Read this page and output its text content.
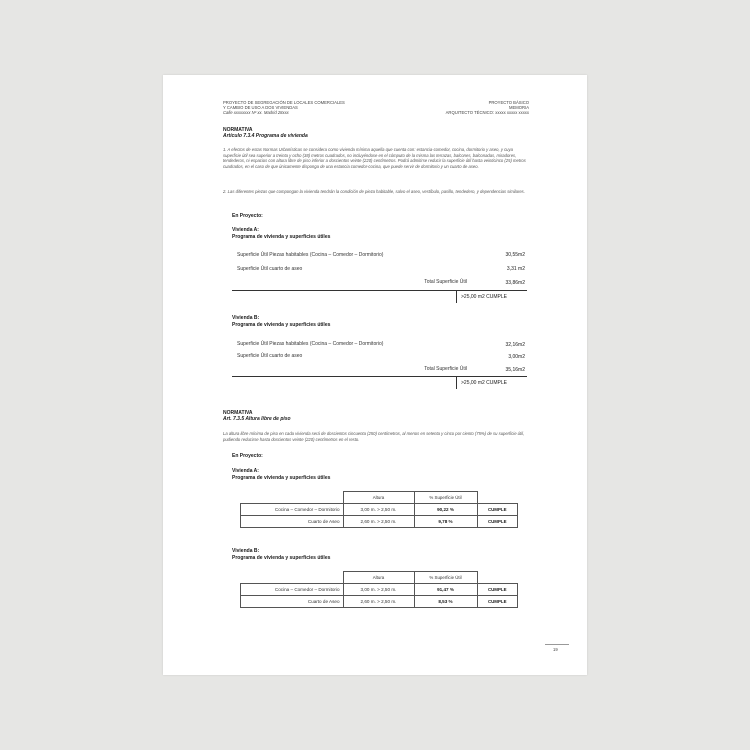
PROYECTO DE SEGREGACIÓN DE LOCALES COMERCIALES
Y CAMBIO DE USO A DOS VIVIENDAS
Calle xxxxxxxx Nº xx. Madrid 28xxx
PROYECTO BÁSICO
MEMORIA
ARQUITECTO TÉCNICO: xxxxx xxxxx xxxxx
NORMATIVA
Artículo 7.3.4 Programa de vivienda
1. A efectos de estas Normas Urbanísticas se considera como vivienda mínima aquella que cuenta con: estancia-comedor, cocina, dormitorio y aseo, y cuya superficie útil sea superior a treinta y ocho (38) metros cuadrados, no incluyéndose en el cómputo de la misma las terrazas, balcones, balconadas, miradores, tendederos, ni espacios con altura libre de piso inferior a doscientos veinte (220) centímetros. Podrá admitirse reducir la superficie útil hasta veinticinco (25) metros cuadrados, en el caso de que únicamente disponga de una estancia comedor-cocina, que puede servir de dormitorio y un cuarto de aseo.
2. Las diferentes piezas que compongan la vivienda tendrán la condición de pieza habitable, salvo el aseo, vestíbulo, pasillo, tendedero, y dependencias similares.
En Proyecto:
Vivienda A:
Programa de vivienda y superficies útiles
Superficie Útil Piezas habitables (Cocina – Comedor – Dormitorio)	30,55m2
Superficie Útil cuarto de aseo	3,31 m2
Total Superficie Útil	33,86m2
>25,00 m2 CUMPLE
Vivienda B:
Programa de vivienda y superficies útiles
Superficie Útil Piezas habitables (Cocina – Comedor – Dormitorio)	32,16m2
Superficie Útil cuarto de aseo	3,00m2
Total Superficie Útil	35,16m2
>25,00 m2 CUMPLE
NORMATIVA
Art. 7.3.5 Altura libre de piso
La altura libre mínima de piso en cada vivienda será de doscientos cincuenta (250) centímetros, al menos en setenta y cinco por ciento (75%) de su superficie útil, pudiendo reducirse hasta doscientos veinte (220) centímetros en el resto.
En Proyecto:
Vivienda A:
Programa de vivienda y superficies útiles
	Altura	% Superficie Útil	
Cocina – Comedor – Dormitorio	3,00 m. > 2,50 m.	90,22 %	CUMPLE
Cuarto de Aseo	2,60 m. > 2,50 m.	9,78 %	CUMPLE
Vivienda B:
Programa de vivienda y superficies útiles
	Altura	% Superficie Útil	
Cocina – Comedor – Dormitorio	3,00 m. > 2,50 m.	91,47 %	CUMPLE
Cuarto de Aseo	2,60 m. > 2,50 m.	8,53 %	CUMPLE
19
